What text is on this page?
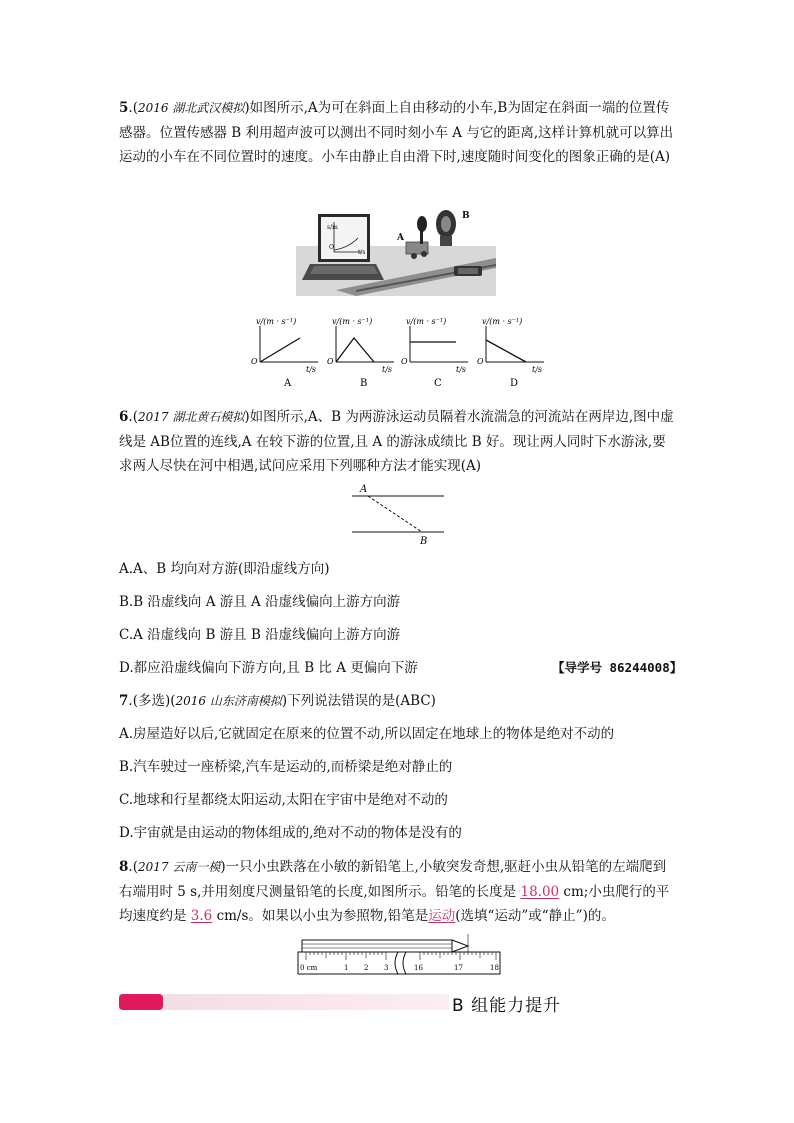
5.(2016 湖北武汉模拟)如图所示,A为可在斜面上自由移动的小车,B为固定在斜面一端的位置传感器。位置传感器 B 利用超声波可以测出不同时刻小车 A 与它的距离,这样计算机就可以算出运动的小车在不同位置时的速度。小车由静止自由滑下时,速度随时间变化的图象正确的是(A)
s/m
t/s
O
A
B
v/(m · s⁻¹)
O
t/s
A
v/(m · s⁻¹)
O
t/s
B
v/(m · s⁻¹)
O
t/s
C
v/(m · s⁻¹)
O
t/s
D
6.(2017 湖北黄石模拟)如图所示,A、B 为两游泳运动员隔着水流湍急的河流站在两岸边,图中虚线是 AB位置的连线,A 在较下游的位置,且 A 的游泳成绩比 B 好。现让两人同时下水游泳,要求两人尽快在河中相遇,试问应采用下列哪种方法才能实现(A)
A
B
A.A、B 均向对方游(即沿虚线方向)
B.B 沿虚线向 A 游且 A 沿虚线偏向上游方向游
C.A 沿虚线向 B 游且 B 沿虚线偏向上游方向游
D.都应沿虚线偏向下游方向,且 B 比 A 更偏向下游	【导学号 86244008】
7.(多选)(2016 山东济南模拟)下列说法错误的是(ABC)
A.房屋造好以后,它就固定在原来的位置不动,所以固定在地球上的物体是绝对不动的
B.汽车驶过一座桥梁,汽车是运动的,而桥梁是绝对静止的
C.地球和行星都绕太阳运动,太阳在宇宙中是绝对不动的
D.宇宙就是由运动的物体组成的,绝对不动的物体是没有的
8.(2017 云南一模)一只小虫跌落在小敏的新铅笔上,小敏突发奇想,驱赶小虫从铅笔的左端爬到右端用时 5 s,并用刻度尺测量铅笔的长度,如图所示。铅笔的长度是 18.00 cm;小虫爬行的平均速度约是 3.6 cm/s。如果以小虫为参照物,铅笔是运动(选填“运动”或“静止”)的。
0 cm	1 2 3	16	17	18
B 组能力提升
